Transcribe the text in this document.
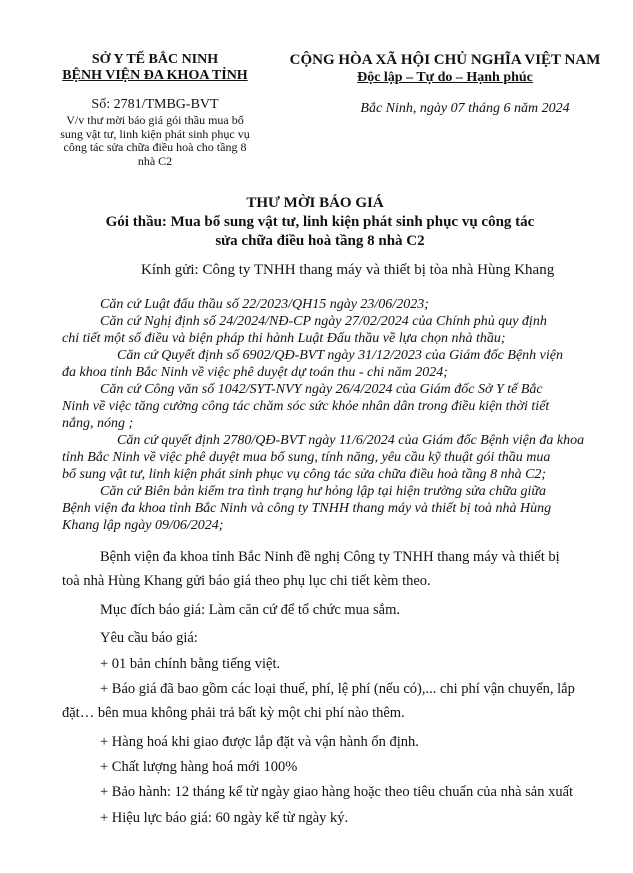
SỞ Y TẾ BẮC NINH
BỆNH VIỆN ĐA KHOA TỈNH
CỘNG HÒA XÃ HỘI CHỦ NGHĨA VIỆT NAM
Độc lập – Tự do – Hạnh phúc
Số: 2781/TMBG-BVT
V/v thư mời báo giá gói thầu mua bổ
sung vật tư, linh kiện phát sinh phục vụ
công tác sửa chữa điều hoà cho tầng 8
nhà C2
Bắc Ninh, ngày 07 tháng 6 năm 2024
THƯ MỜI BÁO GIÁ
Gói thầu: Mua bổ sung vật tư, linh kiện phát sinh phục vụ công tác
sửa chữa điều hoà tầng 8 nhà C2
Kính gửi: Công ty TNHH thang máy và thiết bị tòa nhà Hùng Khang

Căn cứ Luật đấu thầu số 22/2023/QH15 ngày 23/06/2023;

Căn cứ Nghị định số 24/2024/NĐ-CP ngày 27/02/2024 của Chính phủ quy định
chi tiết một số điều và biện pháp thi hành Luật Đấu thầu về lựa chọn nhà thầu;

Căn cứ Quyết định số 6902/QĐ-BVT ngày 31/12/2023 của Giám đốc Bệnh viện
đa khoa tỉnh Bắc Ninh về việc phê duyệt dự toán thu - chi năm 2024;

Căn cứ Công văn số 1042/SYT-NVY ngày 26/4/2024 của Giám đốc Sở Y tế Bắc
Ninh về việc tăng cường công tác chăm sóc sức khỏe nhân dân trong điều kiện thời tiết
nắng, nóng ;

Căn cứ quyết định 2780/QĐ-BVT ngày 11/6/2024 của Giám đốc Bệnh viện đa khoa
tỉnh Bắc Ninh về việc phê duyệt mua bổ sung, tính năng, yêu cầu kỹ thuật gói thầu mua
bổ sung vật tư, linh kiện phát sinh phục vụ công tác sửa chữa điều hoà tầng 8 nhà C2;

Căn cứ Biên bản kiểm tra tình trạng hư hỏng lập tại hiện trường sửa chữa giữa
Bệnh viện đa khoa tỉnh Bắc Ninh và công ty TNHH thang máy và thiết bị toà nhà Hùng
Khang lập ngày 09/06/2024;

Bệnh viện đa khoa tỉnh Bắc Ninh đề nghị Công ty TNHH thang máy và thiết bị

toà nhà Hùng Khang gửi báo giá theo phụ lục chi tiết kèm theo.

Mục đích báo giá: Làm căn cứ để tổ chức mua sắm.
Yêu cầu báo giá:
+ 01 bản chính bằng tiếng việt.

+ Báo giá đã bao gồm các loại thuế, phí, lệ phí (nếu có),... chi phí vận chuyển, lắp

đặt… bên mua không phải trả bất kỳ một chi phí nào thêm.

+ Hàng hoá khi giao được lắp đặt và vận hành ổn định.
+ Chất lượng hàng hoá mới 100%
+ Bảo hành: 12 tháng kể từ ngày giao hàng hoặc theo tiêu chuẩn của nhà sản xuất
+ Hiệu lực báo giá: 60 ngày kể từ ngày ký.
